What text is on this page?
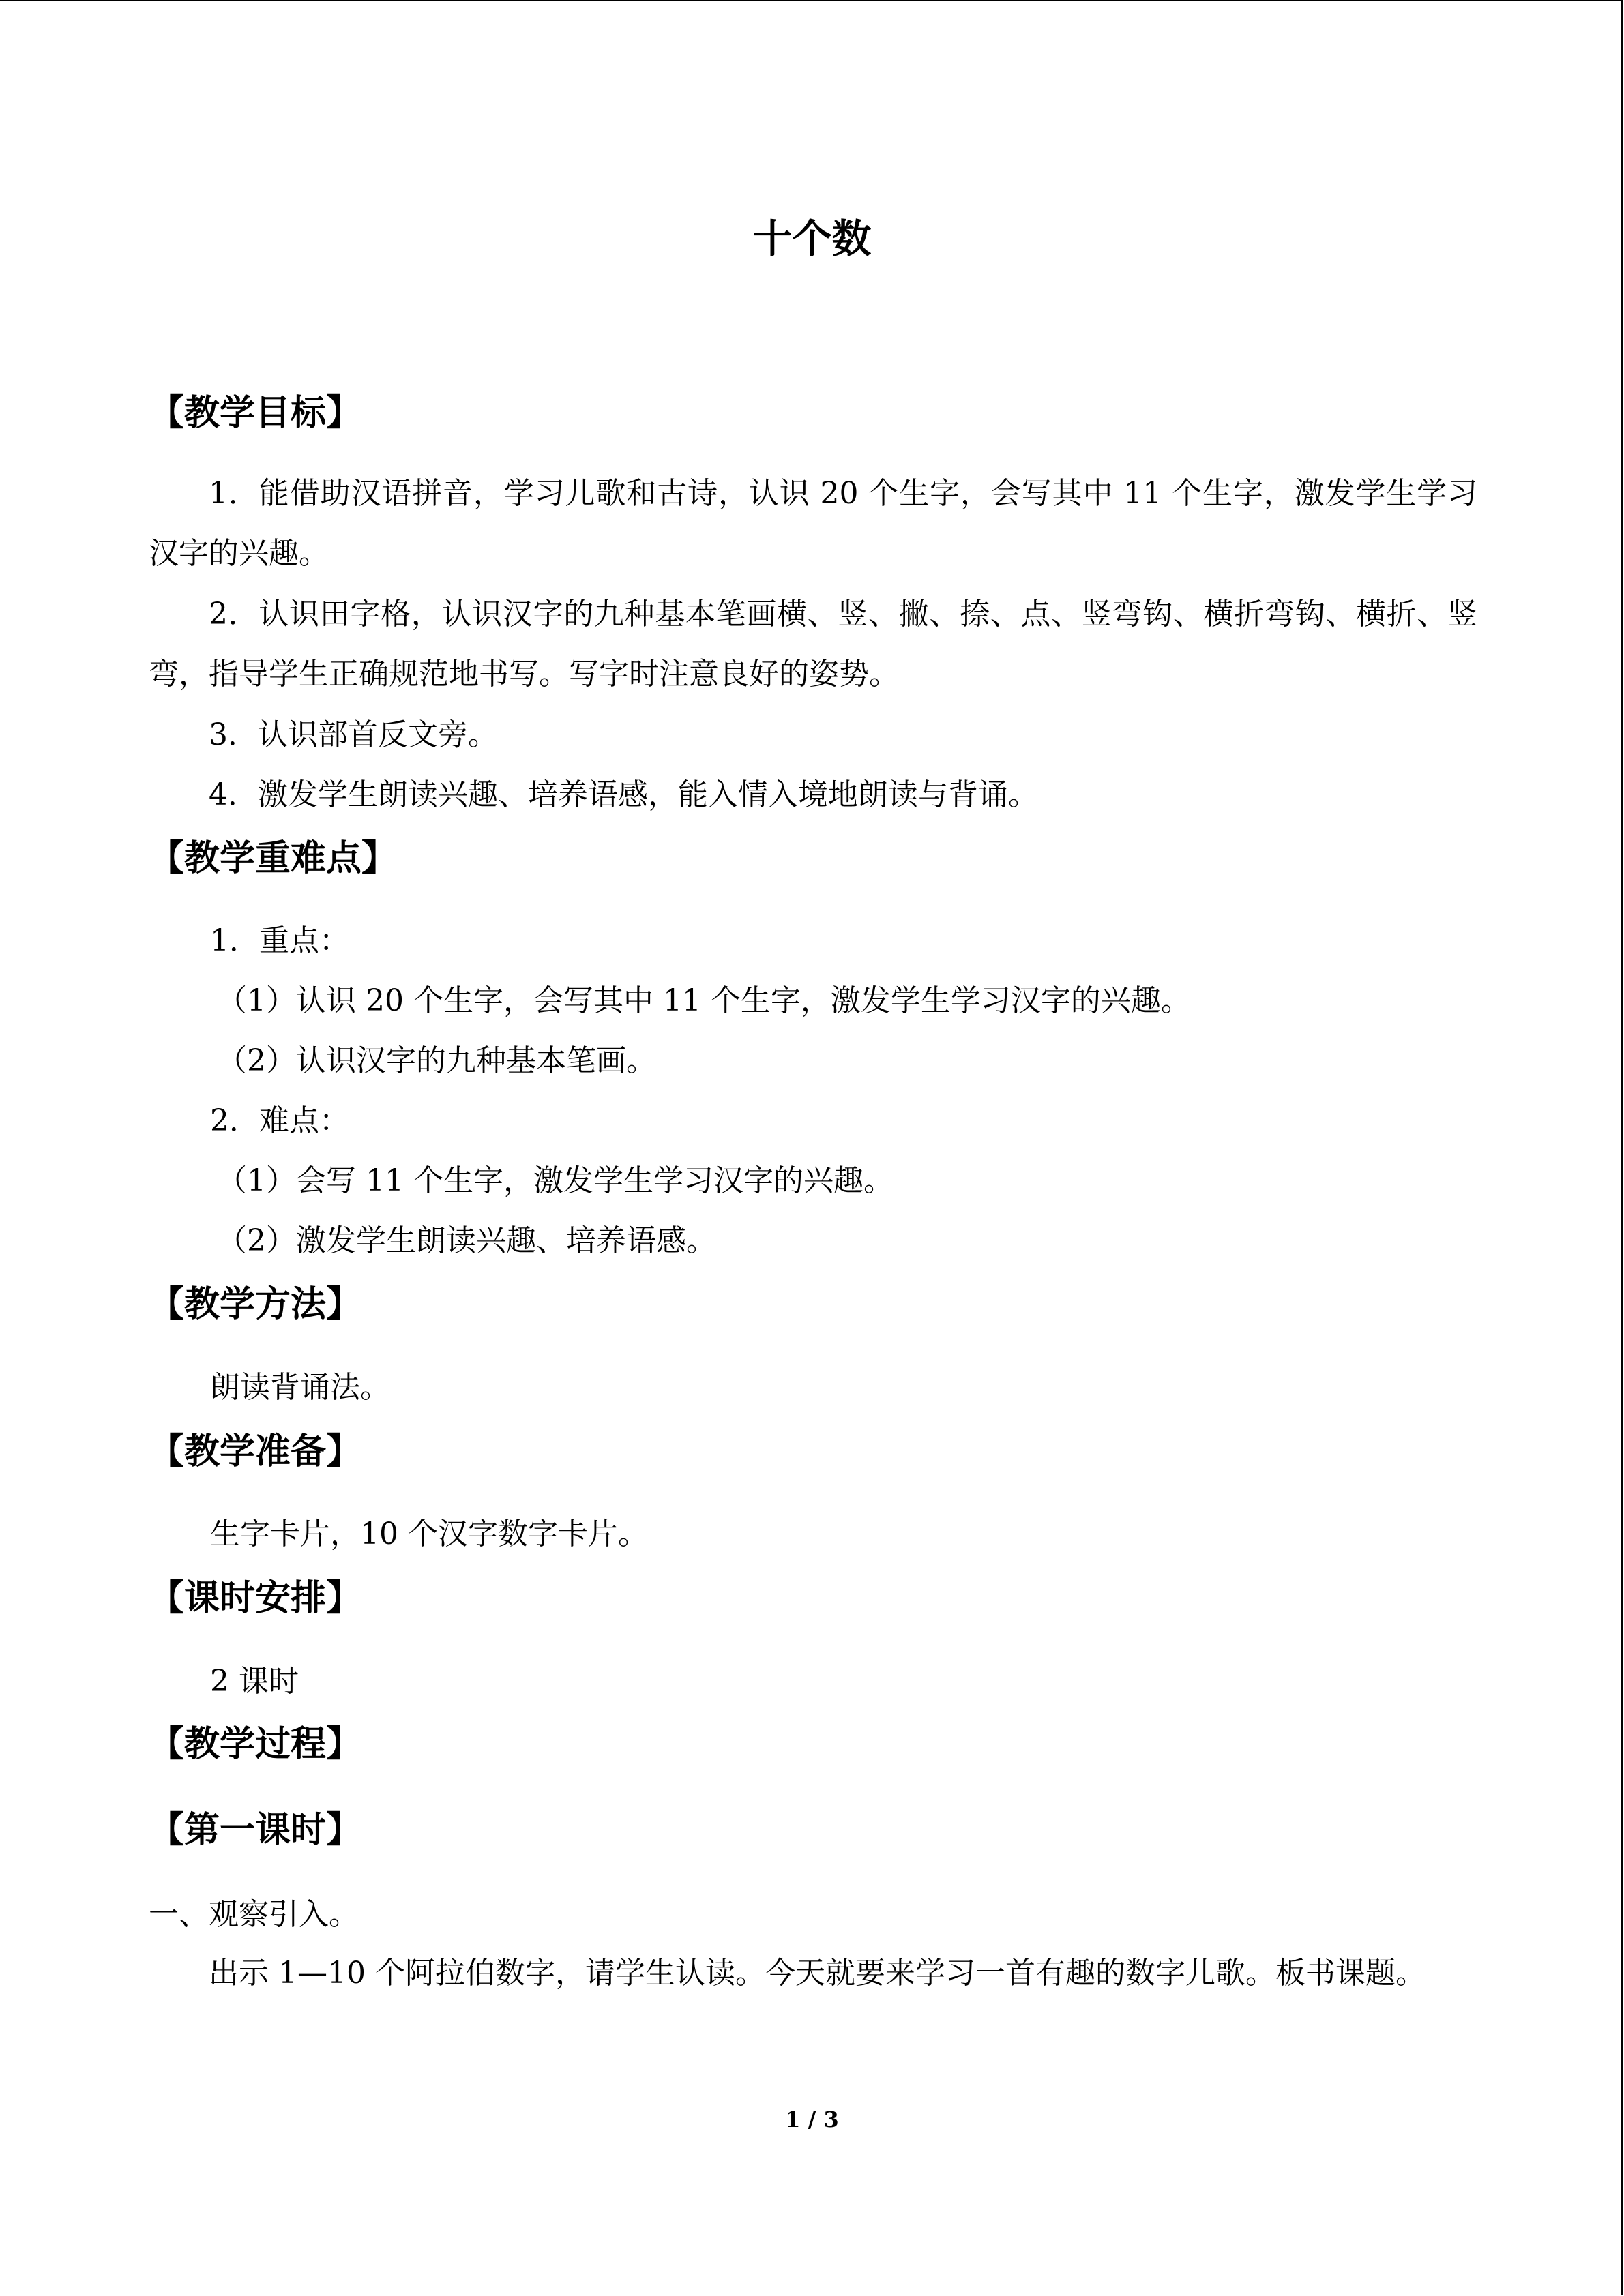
十个数
【教学目标】

1．能借助汉语拼音，学习儿歌和古诗，认识 20 个生字，会写其中 11 个生字，激发学生学习汉字的兴趣。

2．认识田字格，认识汉字的九种基本笔画横、竖、撇、捺、点、竖弯钩、横折弯钩、横折、竖弯，指导学生正确规范地书写。写字时注意良好的姿势。

3．认识部首反文旁。

4．激发学生朗读兴趣、培养语感，能入情入境地朗读与背诵。

【教学重难点】

1．重点：

（1）认识 20 个生字，会写其中 11 个生字，激发学生学习汉字的兴趣。

（2）认识汉字的九种基本笔画。

2．难点：

（1）会写 11 个生字，激发学生学习汉字的兴趣。

（2）激发学生朗读兴趣、培养语感。

【教学方法】

朗读背诵法。

【教学准备】

生字卡片，10 个汉字数字卡片。

【课时安排】

2 课时

【教学过程】
【第一课时】

一、观察引入。

出示 1—10 个阿拉伯数字，请学生认读。今天就要来学习一首有趣的数字儿歌。板书课题。

1 / 3
